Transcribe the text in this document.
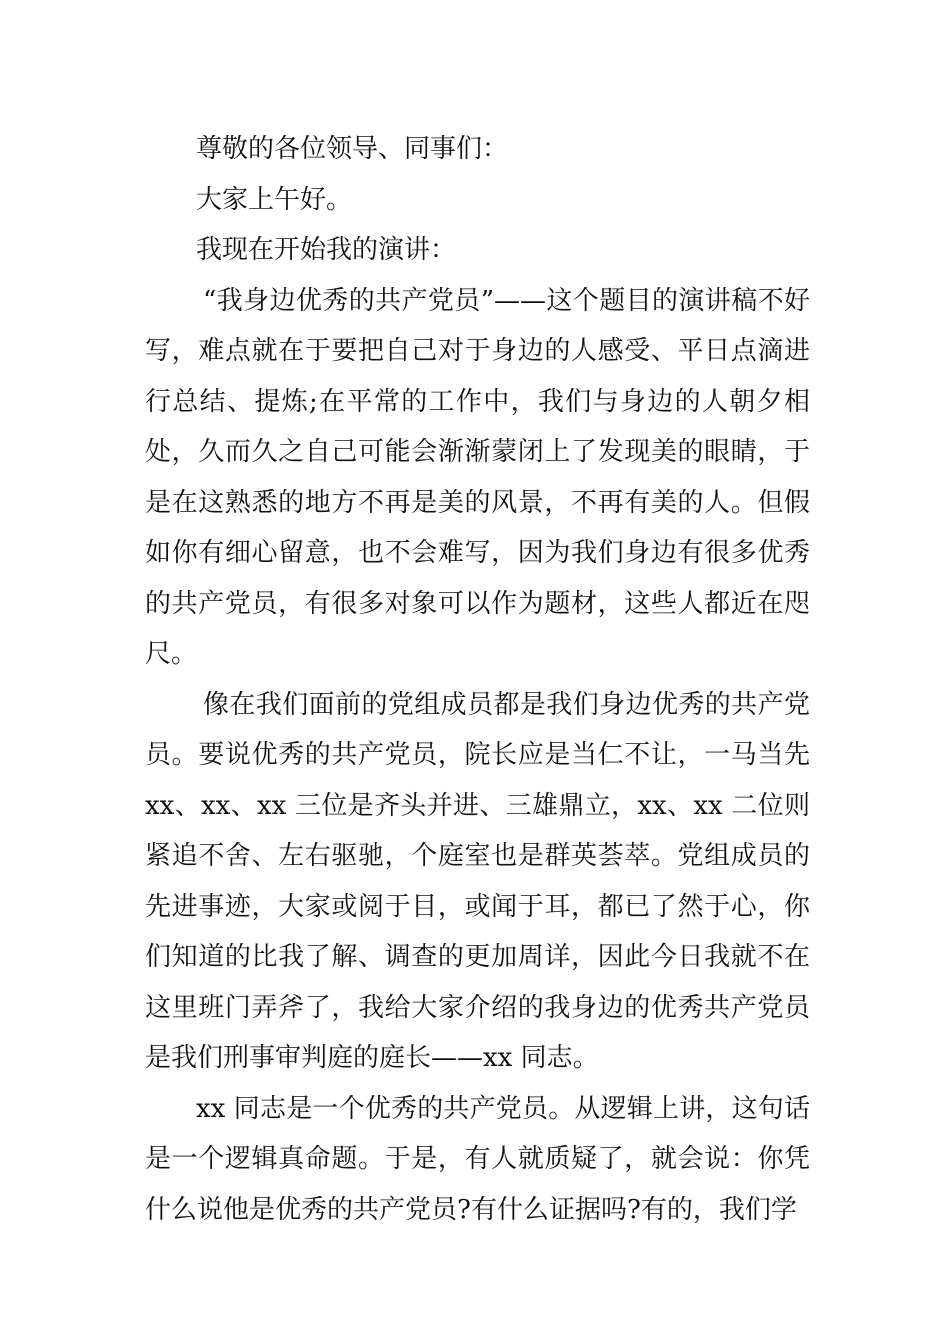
尊敬的各位领导、同事们：

大家上午好。

我现在开始我的演讲：

“我身边优秀的共产党员”——这个题目的演讲稿不好写，难点就在于要把自己对于身边的人感受、平日点滴进行总结、提炼;在平常的工作中，我们与身边的人朝夕相处，久而久之自己可能会渐渐蒙闭上了发现美的眼睛，于是在这熟悉的地方不再是美的风景，不再有美的人。但假如你有细心留意，也不会难写，因为我们身边有很多优秀的共产党员，有很多对象可以作为题材，这些人都近在咫尺。

像在我们面前的党组成员都是我们身边优秀的共产党员。要说优秀的共产党员，院长应是当仁不让，一马当先 xx、xx、xx 三位是齐头并进、三雄鼎立，xx、xx 二位则紧追不舍、左右驱驰，个庭室也是群英荟萃。党组成员的先进事迹，大家或阅于目，或闻于耳，都已了然于心，你们知道的比我了解、调查的更加周详，因此今日我就不在这里班门弄斧了，我给大家介绍的我身边的优秀共产党员是我们刑事审判庭的庭长——xx 同志。

xx 同志是一个优秀的共产党员。从逻辑上讲，这句话是一个逻辑真命题。于是，有人就质疑了，就会说：你凭什么说他是优秀的共产党员?有什么证据吗?有的，我们学
